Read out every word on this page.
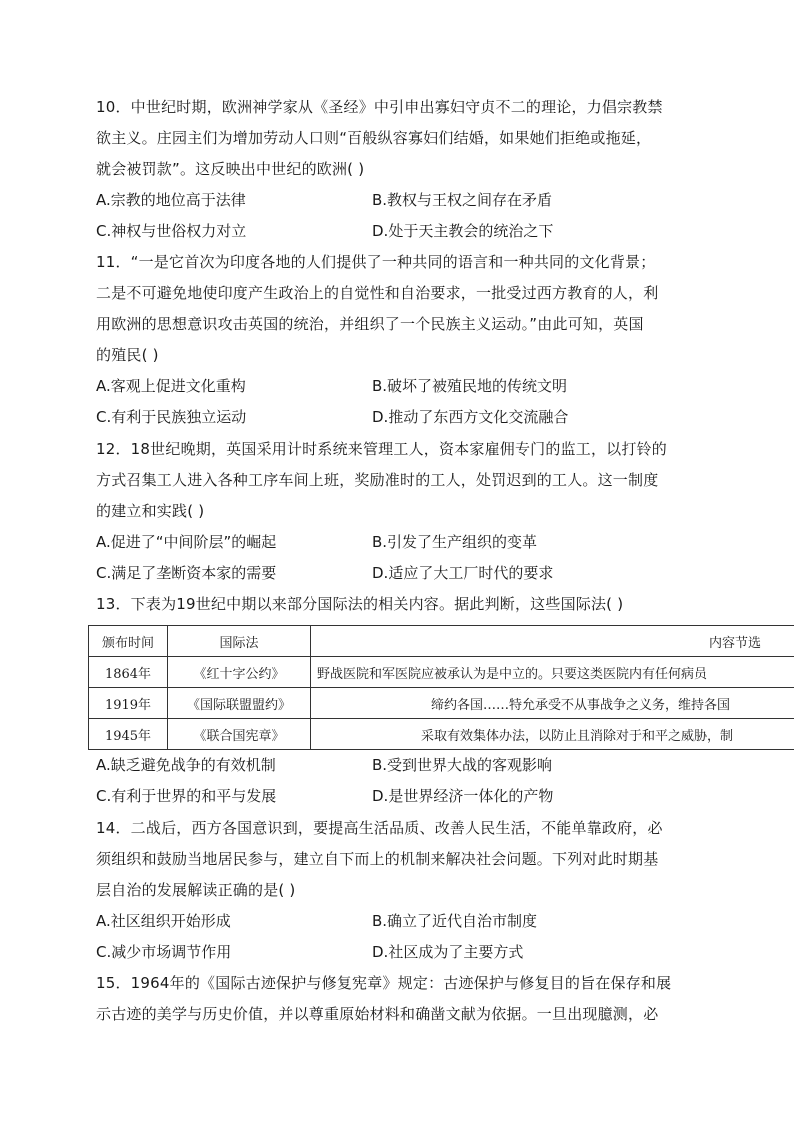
10．中世纪时期，欧洲神学家从《圣经》中引申出寡妇守贞不二的理论，力倡宗教禁
欲主义。庄园主们为增加劳动人口则“百般纵容寡妇们结婚，如果她们拒绝或拖延，
就会被罚款”。这反映出中世纪的欧洲( )
A.宗教的地位高于法律	B.教权与王权之间存在矛盾
C.神权与世俗权力对立	D.处于天主教会的统治之下
11．“一是它首次为印度各地的人们提供了一种共同的语言和一种共同的文化背景；
二是不可避免地使印度产生政治上的自觉性和自治要求，一批受过西方教育的人，利
用欧洲的思想意识攻击英国的统治，并组织了一个民族主义运动。”由此可知，英国
的殖民( )
A.客观上促进文化重构	B.破坏了被殖民地的传统文明
C.有利于民族独立运动	D.推动了东西方文化交流融合
12．18世纪晚期，英国采用计时系统来管理工人，资本家雇佣专门的监工，以打铃的
方式召集工人进入各种工序车间上班，奖励准时的工人，处罚迟到的工人。这一制度
的建立和实践( )
A.促进了“中间阶层”的崛起	B.引发了生产组织的变革
C.满足了垄断资本家的需要	D.适应了大工厂时代的要求
13．下表为19世纪中期以来部分国际法的相关内容。据此判断，这些国际法( )
颁布时间	国际法	内容节选
1864年	《红十字公约》	野战医院和军医院应被承认为是中立的。只要这类医院内有任何病员
1919年	《国际联盟盟约》	缔约各国……特允承受不从事战争之义务，维持各国
1945年	《联合国宪章》	采取有效集体办法，以防止且消除对于和平之威胁，制
A.缺乏避免战争的有效机制	B.受到世界大战的客观影响
C.有利于世界的和平与发展	D.是世界经济一体化的产物
14．二战后，西方各国意识到，要提高生活品质、改善人民生活，不能单靠政府，必
须组织和鼓励当地居民参与，建立自下而上的机制来解决社会问题。下列对此时期基
层自治的发展解读正确的是( )
A.社区组织开始形成	B.确立了近代自治市制度
C.减少市场调节作用	D.社区成为了主要方式
15．1964年的《国际古迹保护与修复宪章》规定：古迹保护与修复目的旨在保存和展
示古迹的美学与历史价值，并以尊重原始材料和确凿文献为依据。一旦出现臆测，必
